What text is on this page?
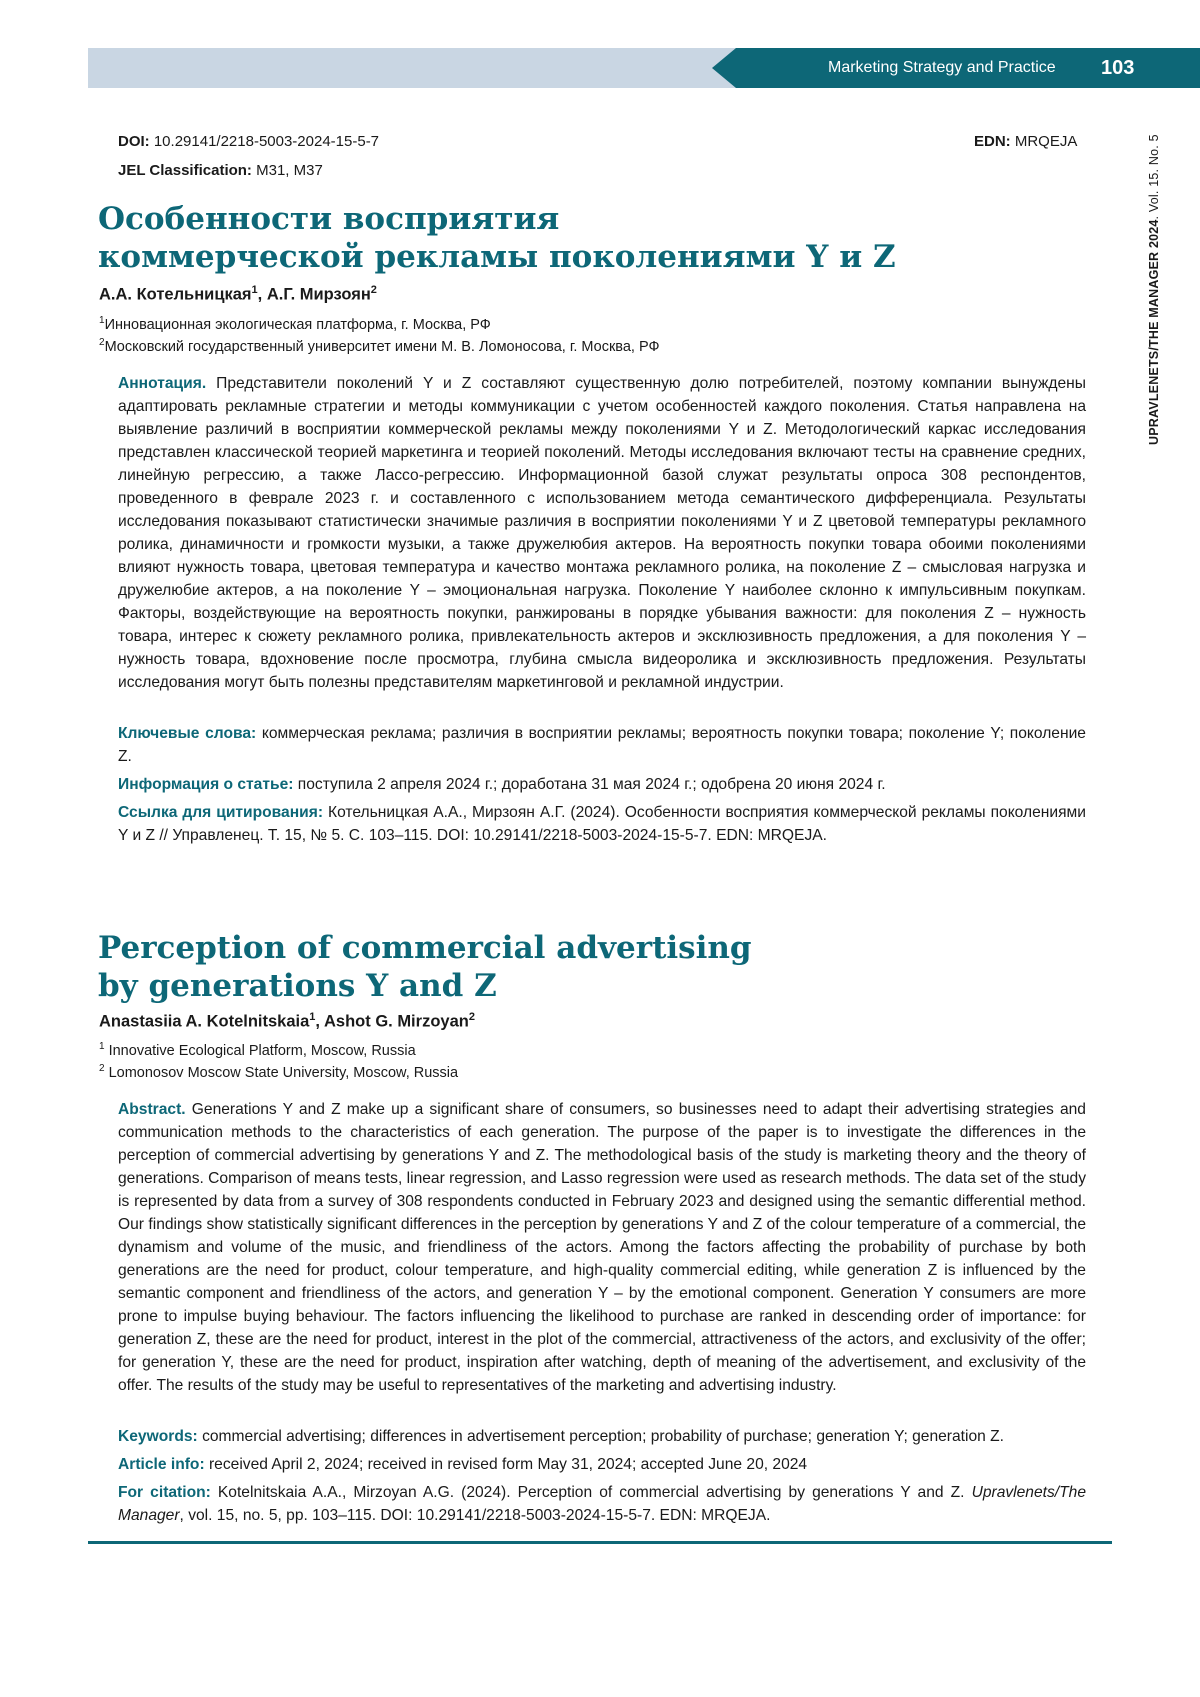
Marketing Strategy and Practice 103
UPRAVLENETS/THE MANAGER 2024. Vol. 15. No. 5
DOI: 10.29141/2218-5003-2024-15-5-7	EDN: MRQEJA
JEL Classification: M31, M37
Особенности восприятия
коммерческой рекламы поколениями Y и Z
А.А. Котельницкая$^1$, А.Г. Мирзоян$^2$
$^1$Инновационная экологическая платформа, г. Москва, РФ
$^2$Московский государственный университет имени М. В. Ломоносова, г. Москва, РФ
Аннотация. Представители поколений Y и Z составляют существенную долю потребителей, поэтому компании вынуждены адаптировать рекламные стратегии и методы коммуникации с учетом особенностей каждого поколения. Статья направлена на выявление различий в восприятии коммерческой рекламы между поколениями Y и Z. Методологический каркас исследования представлен классической теорией маркетинга и теорией поколений. Методы исследования включают тесты на сравнение средних, линейную регрессию, а также Лассо-регрессию. Информационной базой служат результаты опроса 308 респондентов, проведенного в феврале 2023 г. и составленного с использованием метода семантического дифференциала. Результаты исследования показывают статистически значимые различия в восприятии поколениями Y и Z цветовой температуры рекламного ролика, динамичности и громкости музыки, а также дружелюбия актеров. На вероятность покупки товара обоими поколениями влияют нужность товара, цветовая температура и качество монтажа рекламного ролика, на поколение Z – смысловая нагрузка и дружелюбие актеров, а на поколение Y – эмоциональная нагрузка. Поколение Y наиболее склонно к импульсивным покупкам. Факторы, воздействующие на вероятность покупки, ранжированы в порядке убывания важности: для поколения Z – нужность товара, интерес к сюжету рекламного ролика, привлекательность актеров и эксклюзивность предложения, а для поколения Y – нужность товара, вдохновение после просмотра, глубина смысла видеоролика и эксклюзивность предложения. Результаты исследования могут быть полезны представителям маркетинговой и рекламной индустрии.
Ключевые слова: коммерческая реклама; различия в восприятии рекламы; вероятность покупки товара; поколение Y; поколение Z.
Информация о статье: поступила 2 апреля 2024 г.; доработана 31 мая 2024 г.; одобрена 20 июня 2024 г.
Ссылка для цитирования: Котельницкая А.А., Мирзоян А.Г. (2024). Особенности восприятия коммерческой рекламы поколениями Y и Z // Управленец. Т. 15, № 5. С. 103–115. DOI: 10.29141/2218-5003-2024-15-5-7. EDN: MRQEJA.
Perception of commercial advertising
by generations Y and Z
Anastasiia A. Kotelnitskaia$^1$, Ashot G. Mirzoyan$^2$
$^1$ Innovative Ecological Platform, Moscow, Russia
$^2$ Lomonosov Moscow State University, Moscow, Russia
Abstract. Generations Y and Z make up a significant share of consumers, so businesses need to adapt their advertising strategies and communication methods to the characteristics of each generation. The purpose of the paper is to investigate the differences in the perception of commercial advertising by generations Y and Z. The methodological basis of the study is marketing theory and the theory of generations. Comparison of means tests, linear regression, and Lasso regression were used as research methods. The data set of the study is represented by data from a survey of 308 respondents conducted in February 2023 and designed using the semantic differential method. Our findings show statistically significant differences in the perception by generations Y and Z of the colour temperature of a commercial, the dynamism and volume of the music, and friendliness of the actors. Among the factors affecting the probability of purchase by both generations are the need for product, colour temperature, and high-quality commercial editing, while generation Z is influenced by the semantic component and friendliness of the actors, and generation Y – by the emotional component. Generation Y consumers are more prone to impulse buying behaviour. The factors influencing the likelihood to purchase are ranked in descending order of importance: for generation Z, these are the need for product, interest in the plot of the commercial, attractiveness of the actors, and exclusivity of the offer; for generation Y, these are the need for product, inspiration after watching, depth of meaning of the advertisement, and exclusivity of the offer. The results of the study may be useful to representatives of the marketing and advertising industry.
Keywords: commercial advertising; differences in advertisement perception; probability of purchase; generation Y; generation Z.
Article info: received April 2, 2024; received in revised form May 31, 2024; accepted June 20, 2024
For citation: Kotelnitskaia A.A., Mirzoyan A.G. (2024). Perception of commercial advertising by generations Y and Z. Upravlenets/The Manager, vol. 15, no. 5, pp. 103–115. DOI: 10.29141/2218-5003-2024-15-5-7. EDN: MRQEJA.
